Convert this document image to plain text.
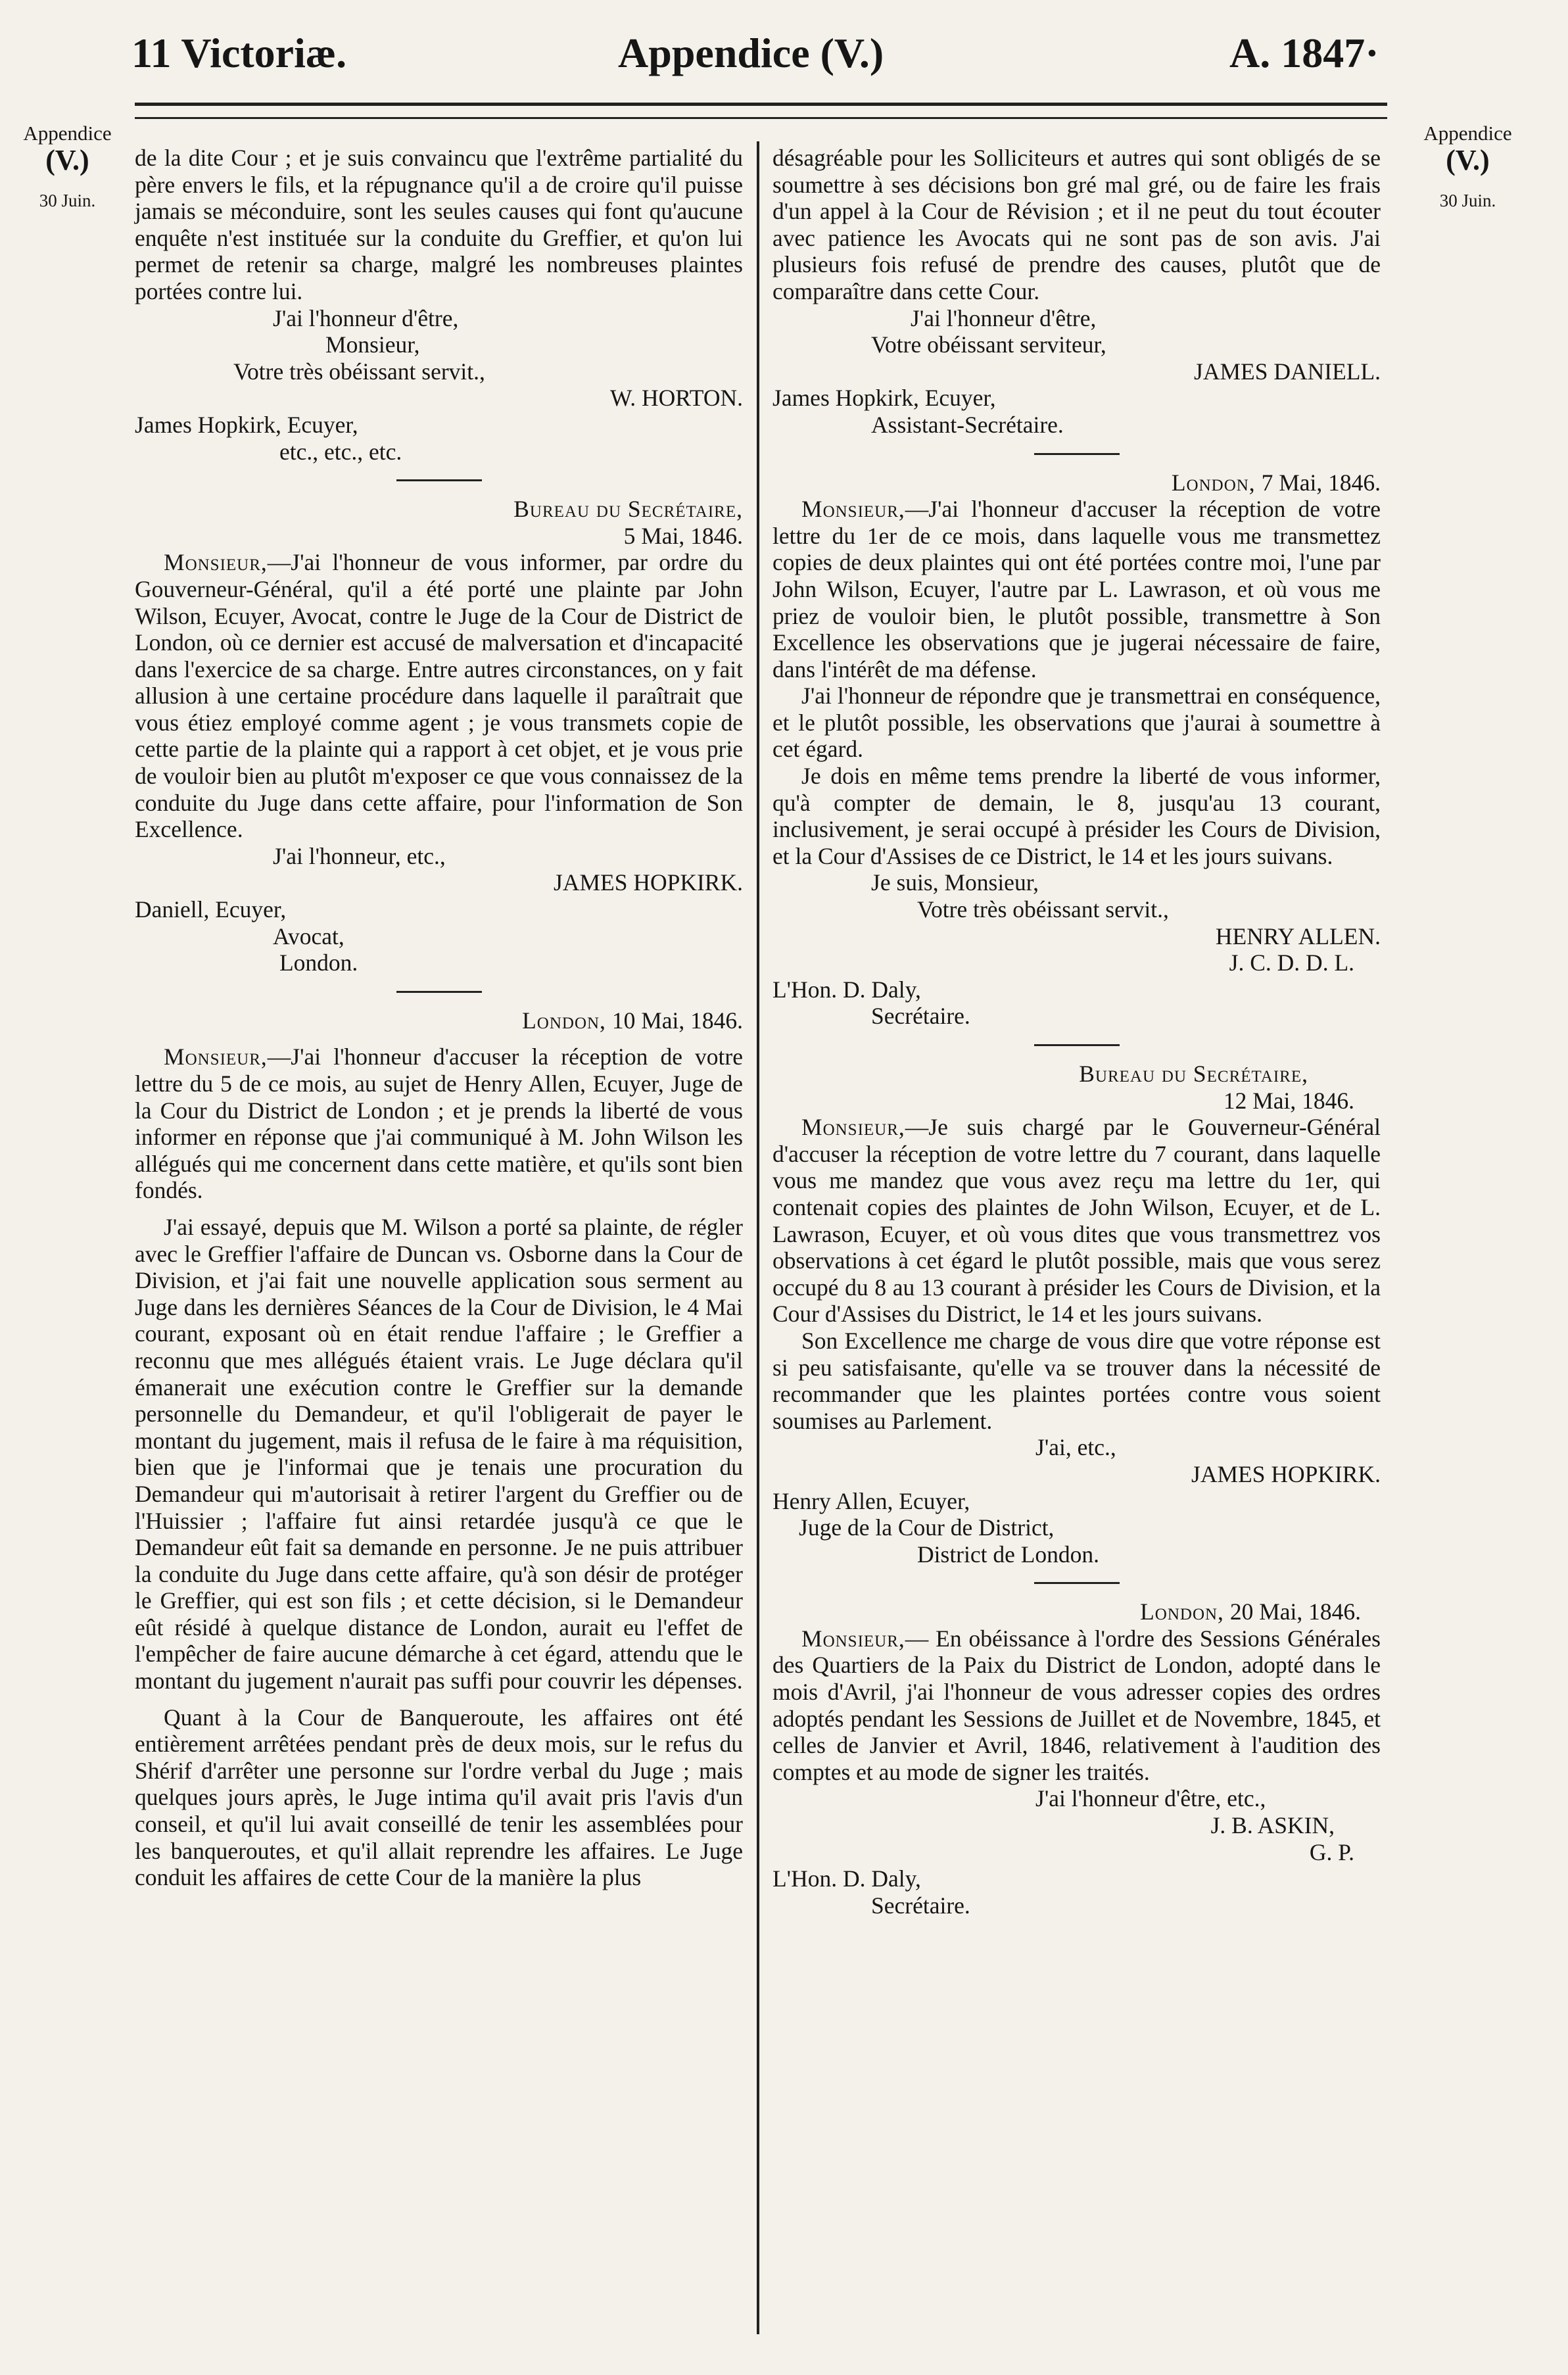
11 Victoriæ.	Appendice (V.)	A. 1847·
Appendice
(V.)
30 Juin.
Appendice
(V.)
30 Juin.

de la dite Cour ; et je suis convaincu que l'extrême partialité du père envers le fils, et la répugnance qu'il a de croire qu'il puisse jamais se méconduire, sont les seules causes qui font qu'aucune enquête n'est instituée sur la conduite du Greffier, et qu'on lui permet de retenir sa charge, malgré les nombreuses plaintes portées contre lui.

J'ai l'honneur d'être,
Monsieur,
Votre très obéissant servit.,
W. HORTON.
James Hopkirk, Ecuyer,
etc., etc., etc.
Bureau du Secrétaire,
5 Mai, 1846.

Monsieur,—J'ai l'honneur de vous informer, par ordre du Gouverneur-Général, qu'il a été porté une plainte par John Wilson, Ecuyer, Avocat, contre le Juge de la Cour de District de London, où ce dernier est accusé de malversation et d'incapacité dans l'exercice de sa charge. Entre autres circonstances, on y fait allusion à une certaine procédure dans laquelle il paraîtrait que vous étiez employé comme agent ; je vous transmets copie de cette partie de la plainte qui a rapport à cet objet, et je vous prie de vouloir bien au plutôt m'exposer ce que vous connaissez de la conduite du Juge dans cette affaire, pour l'information de Son Excellence.

J'ai l'honneur, etc.,
JAMES HOPKIRK.
Daniell, Ecuyer,
Avocat,
London.
London, 10 Mai, 1846.

Monsieur,—J'ai l'honneur d'accuser la réception de votre lettre du 5 de ce mois, au sujet de Henry Allen, Ecuyer, Juge de la Cour du District de London ; et je prends la liberté de vous informer en réponse que j'ai communiqué à M. John Wilson les allégués qui me concernent dans cette matière, et qu'ils sont bien fondés.

J'ai essayé, depuis que M. Wilson a porté sa plainte, de régler avec le Greffier l'affaire de Duncan vs. Osborne dans la Cour de Division, et j'ai fait une nouvelle application sous serment au Juge dans les dernières Séances de la Cour de Division, le 4 Mai courant, exposant où en était rendue l'affaire ; le Greffier a reconnu que mes allégués étaient vrais. Le Juge déclara qu'il émanerait une exécution contre le Greffier sur la demande personnelle du Demandeur, et qu'il l'obligerait de payer le montant du jugement, mais il refusa de le faire à ma réquisition, bien que je l'informai que je tenais une procuration du Demandeur qui m'autorisait à retirer l'argent du Greffier ou de l'Huissier ; l'affaire fut ainsi retardée jusqu'à ce que le Demandeur eût fait sa demande en personne. Je ne puis attribuer la conduite du Juge dans cette affaire, qu'à son désir de protéger le Greffier, qui est son fils ; et cette décision, si le Demandeur eût résidé à quelque distance de London, aurait eu l'effet de l'empêcher de faire aucune démarche à cet égard, attendu que le montant du jugement n'aurait pas suffi pour couvrir les dépenses.

Quant à la Cour de Banqueroute, les affaires ont été entièrement arrêtées pendant près de deux mois, sur le refus du Shérif d'arrêter une personne sur l'ordre verbal du Juge ; mais quelques jours après, le Juge intima qu'il avait pris l'avis d'un conseil, et qu'il lui avait conseillé de tenir les assemblées pour les banqueroutes, et qu'il allait reprendre les affaires. Le Juge conduit les affaires de cette Cour de la manière la plus

désagréable pour les Solliciteurs et autres qui sont obligés de se soumettre à ses décisions bon gré mal gré, ou de faire les frais d'un appel à la Cour de Révision ; et il ne peut du tout écouter avec patience les Avocats qui ne sont pas de son avis. J'ai plusieurs fois refusé de prendre des causes, plutôt que de comparaître dans cette Cour.

J'ai l'honneur d'être,
Votre obéissant serviteur,
JAMES DANIELL.
James Hopkirk, Ecuyer,
Assistant-Secrétaire.
London, 7 Mai, 1846.

Monsieur,—J'ai l'honneur d'accuser la réception de votre lettre du 1er de ce mois, dans laquelle vous me transmettez copies de deux plaintes qui ont été portées contre moi, l'une par John Wilson, Ecuyer, l'autre par L. Lawrason, et où vous me priez de vouloir bien, le plutôt possible, transmettre à Son Excellence les observations que je jugerai nécessaire de faire, dans l'intérêt de ma défense.

J'ai l'honneur de répondre que je transmettrai en conséquence, et le plutôt possible, les observations que j'aurai à soumettre à cet égard.

Je dois en même tems prendre la liberté de vous informer, qu'à compter de demain, le 8, jusqu'au 13 courant, inclusivement, je serai occupé à présider les Cours de Division, et la Cour d'Assises de ce District, le 14 et les jours suivans.

Je suis, Monsieur,
Votre très obéissant servit.,
HENRY ALLEN.
J. C. D. D. L.
L'Hon. D. Daly,
Secrétaire.
Bureau du Secrétaire,
12 Mai, 1846.

Monsieur,—Je suis chargé par le Gouverneur-Général d'accuser la réception de votre lettre du 7 courant, dans laquelle vous me mandez que vous avez reçu ma lettre du 1er, qui contenait copies des plaintes de John Wilson, Ecuyer, et de L. Lawrason, Ecuyer, et où vous dites que vous transmettrez vos observations à cet égard le plutôt possible, mais que vous serez occupé du 8 au 13 courant à présider les Cours de Division, et la Cour d'Assises du District, le 14 et les jours suivans.

Son Excellence me charge de vous dire que votre réponse est si peu satisfaisante, qu'elle va se trouver dans la nécessité de recommander que les plaintes portées contre vous soient soumises au Parlement.

J'ai, etc.,
JAMES HOPKIRK.
Henry Allen, Ecuyer,
Juge de la Cour de District,
District de London.
London, 20 Mai, 1846.

Monsieur,— En obéissance à l'ordre des Sessions Générales des Quartiers de la Paix du District de London, adopté dans le mois d'Avril, j'ai l'honneur de vous adresser copies des ordres adoptés pendant les Sessions de Juillet et de Novembre, 1845, et celles de Janvier et Avril, 1846, relativement à l'audition des comptes et au mode de signer les traités.

J'ai l'honneur d'être, etc.,
J. B. ASKIN,
G. P.
L'Hon. D. Daly,
Secrétaire.
